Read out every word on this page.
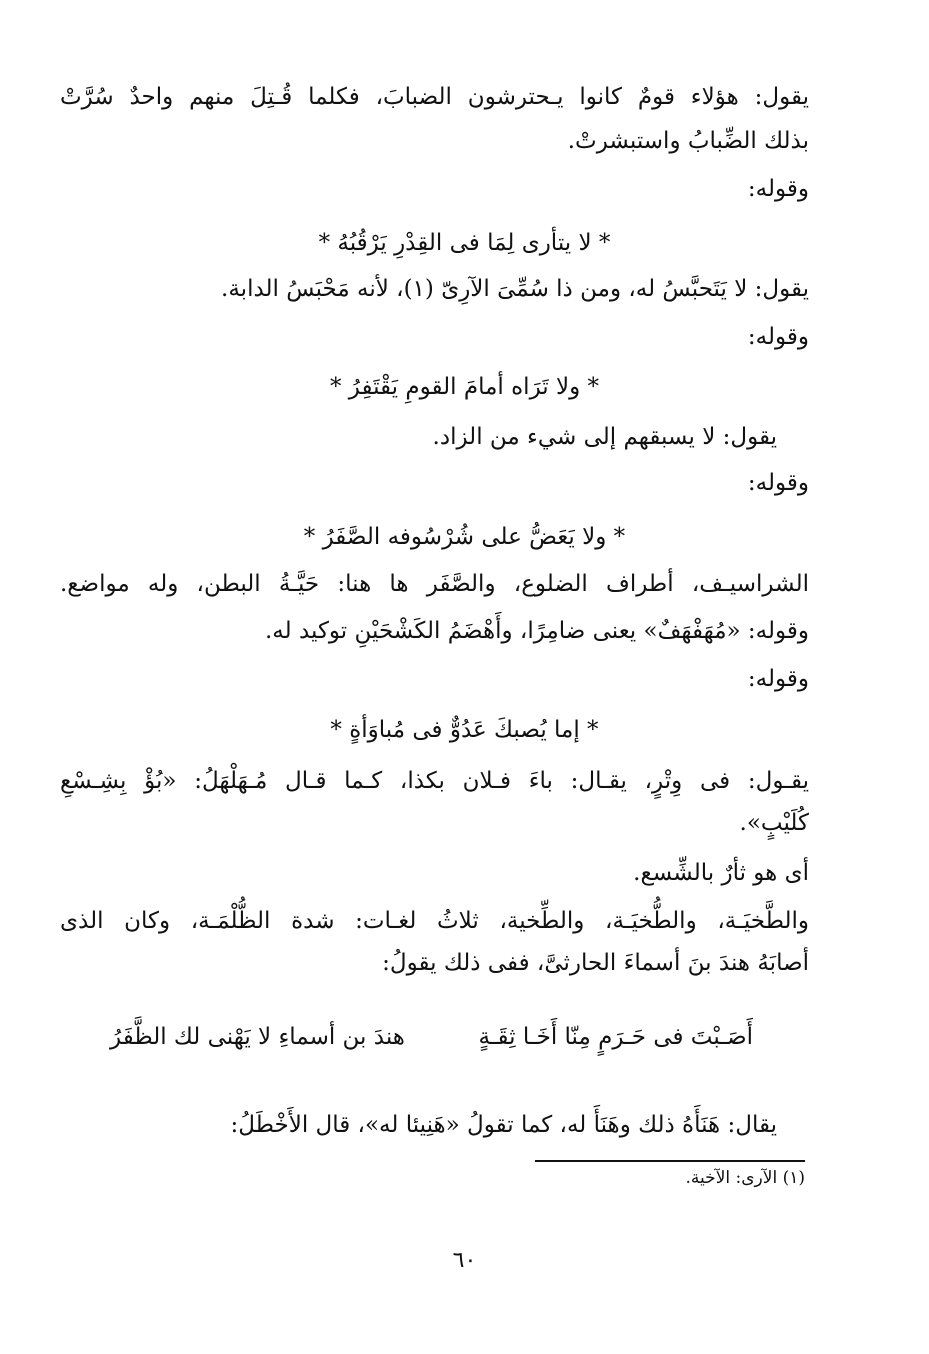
يقول: هؤلاء قومٌ كانوا يـحترشون الضبابَ، فكلما قُـتِلَ منهم واحدٌ سُرَّتْ
بذلك الضِّبابُ واستبشرتْ.
وقوله:
* لا يتأرى لِمَا فى القِدْرِ يَرْقُبُهُ *
يقول: لا يَتَحبَّسُ له، ومن ذا سُمِّىَ الآرِىّ (١)، لأنه مَحْبَسُ الدابة.
وقوله:
* ولا تَرَاه أمامَ القومِ يَقْتَفِرُ *
يقول: لا يسبقهم إلى شيء من الزاد.
وقوله:
* ولا يَعَضُّ على شُرْسُوفه الصَّفَرُ *
الشراسيـف، أطراف الضلوع، والصَّفَر ها هنا: حَيَّـةُ البطن، وله مواضع.
وقوله: «مُهَفْهَفٌ» يعنى ضامِرًا، وأَهْضَمُ الكَشْحَيْنِ توكيد له.
وقوله:
* إما يُصبكَ عَدُوٌّ فى مُباوَأةٍ *
يقـول: فى وِتْرٍ، يقـال: باءَ فـلان بكذا، كـما قـال مُـهَلْهَلُ: «بُؤْ بِشِـسْعِ
كُلَيْبٍ».
أى هو ثأرٌ بالشِّسع.
والطَّخيَـة، والطُّخيَـة، والطِّخية، ثلاثُ لغـات: شدة الظُّلْمَـة، وكان الذى
أصابَهُ هندَ بنَ أسماءَ الحارثىَّ، ففى ذلك يقولُ:
أَصَـبْتَ فى حَـرَمٍ مِنّا أَخَـا ثِقَـةٍ
هندَ بن أسماءِ لا يَهْنى لك الظَّفَرُ
يقال: هَنَأَهُ ذلك وهَنَأَ له، كما تقولُ «هَنِيئا له»، قال الأَخْطَلُ:
(١) الآرى: الآخية.
٦٠
